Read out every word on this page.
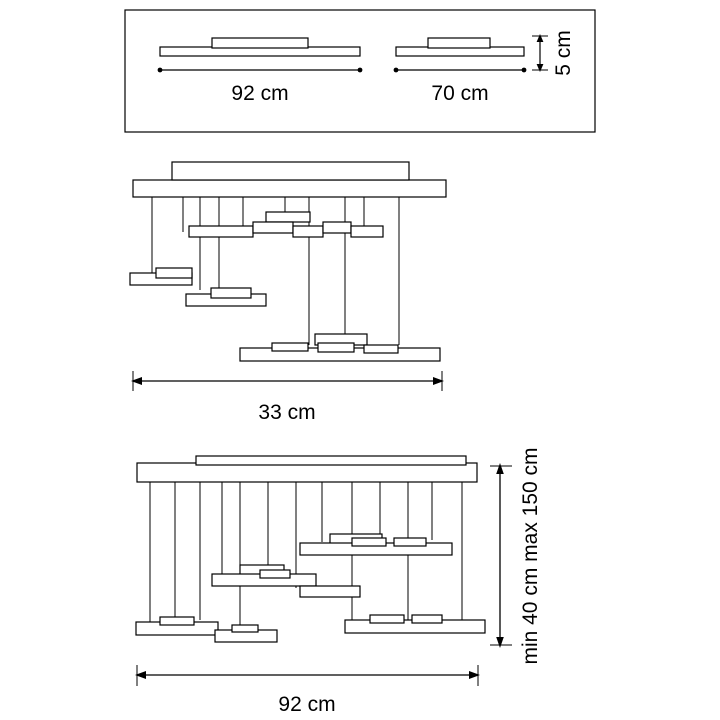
92 cm	70 cm
5 cm
33 cm
92 cm
min 40 cm max 150 cm
